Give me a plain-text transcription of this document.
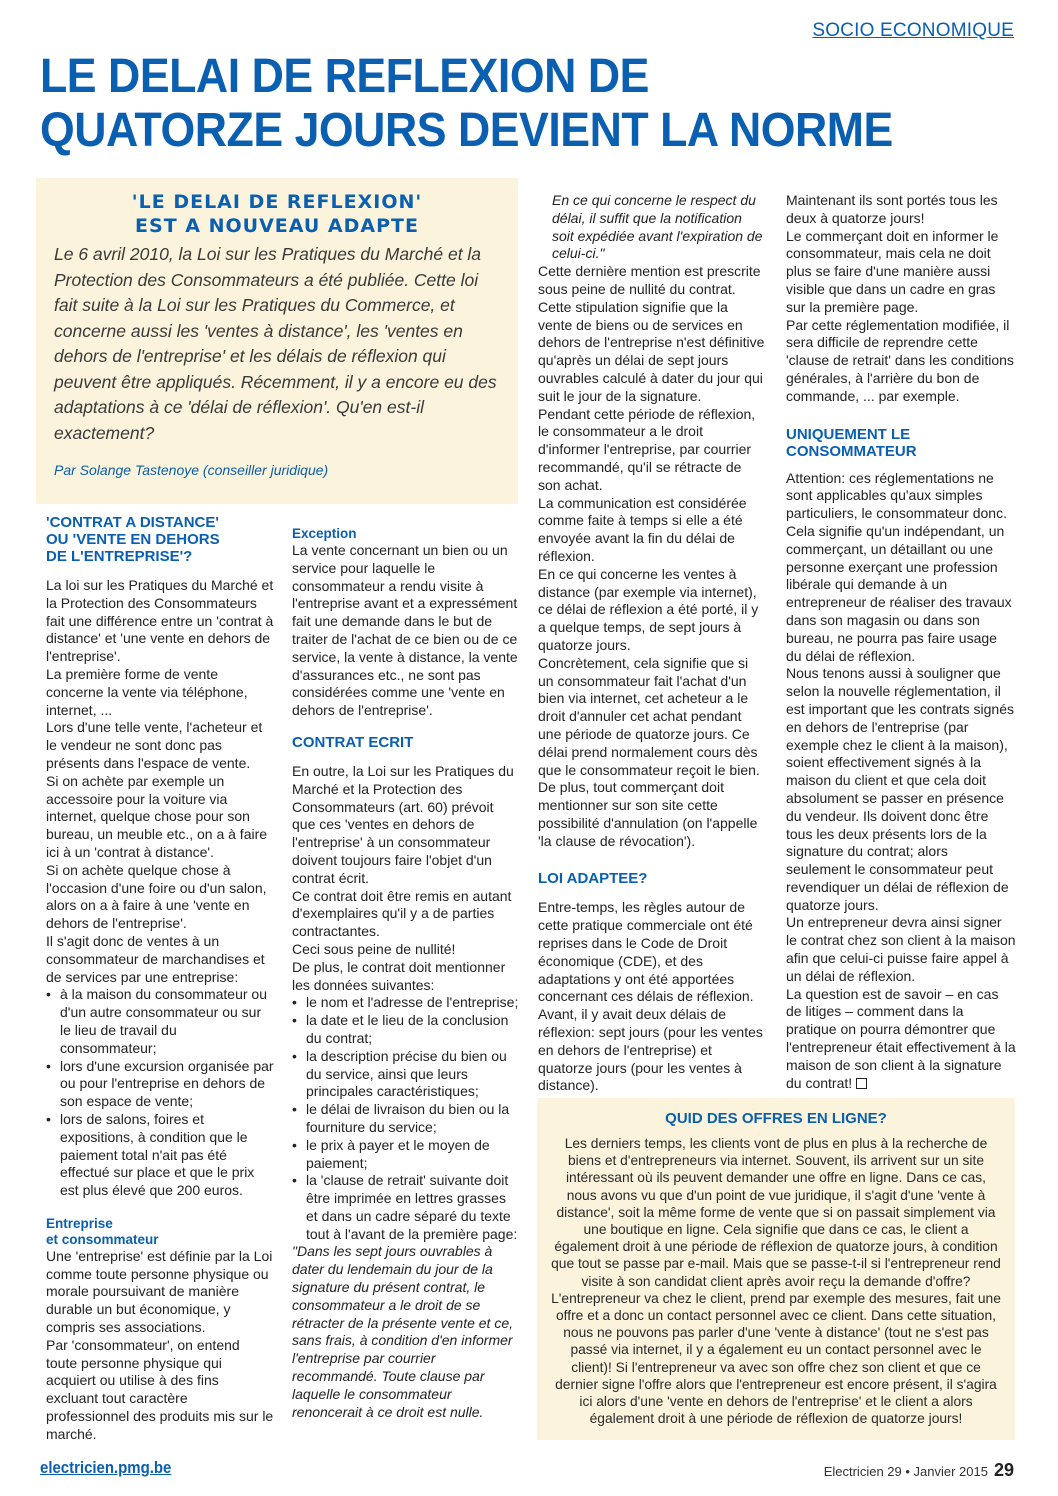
SOCIO ECONOMIQUE
LE DELAI DE REFLEXION DE
QUATORZE JOURS DEVIENT LA NORME
'LE DELAI DE REFLEXION'
EST A NOUVEAU ADAPTE
Le 6 avril 2010, la Loi sur les Pratiques du Marché et la Protection des Consommateurs a été publiée. Cette loi fait suite à la Loi sur les Pratiques du Commerce, et concerne aussi les 'ventes à distance', les 'ventes en dehors de l'entreprise' et les délais de réflexion qui peuvent être appliqués. Récemment, il y a encore eu des adaptations à ce 'délai de réflexion'. Qu'en est-il exactement?
Par Solange Tastenoye (conseiller juridique)
'CONTRAT A DISTANCE'
OU 'VENTE EN DEHORS
DE L'ENTREPRISE'?

La loi sur les Pratiques du Marché et la Protection des Consommateurs fait une différence entre un 'contrat à distance' et 'une vente en dehors de l'entreprise'.

La première forme de vente concerne la vente via téléphone, internet, ...

Lors d'une telle vente, l'acheteur et le vendeur ne sont donc pas présents dans l'espace de vente.

Si on achète par exemple un accessoire pour la voiture via internet, quelque chose pour son bureau, un meuble etc., on a à faire ici à un 'contrat à distance'.

Si on achète quelque chose à l'occasion d'une foire ou d'un salon, alors on a à faire à une 'vente en dehors de l'entreprise'.

Il s'agit donc de ventes à un consommateur de marchandises et de services par une entreprise:

• à la maison du consommateur ou d'un autre consommateur ou sur le lieu de travail du consommateur;
• lors d'une excursion organisée par ou pour l'entreprise en dehors de son espace de vente;
• lors de salons, foires et expositions, à condition que le paiement total n'ait pas été effectué sur place et que le prix est plus élevé que 200 euros.
Entreprise
et consommateur

Une 'entreprise' est définie par la Loi comme toute personne physique ou morale poursuivant de manière durable un but économique, y compris ses associations.

Par 'consommateur', on entend toute personne physique qui acquiert ou utilise à des fins excluant tout caractère professionnel des produits mis sur le marché.

Exception

La vente concernant un bien ou un service pour laquelle le consommateur a rendu visite à l'entreprise avant et a expressément fait une demande dans le but de traiter de l'achat de ce bien ou de ce service, la vente à distance, la vente d'assurances etc., ne sont pas considérées comme une 'vente en dehors de l'entreprise'.

CONTRAT ECRIT

En outre, la Loi sur les Pratiques du Marché et la Protection des Consommateurs (art. 60) prévoit que ces 'ventes en dehors de l'entreprise' à un consommateur doivent toujours faire l'objet d'un contrat écrit.

Ce contrat doit être remis en autant d'exemplaires qu'il y a de parties contractantes.

Ceci sous peine de nullité!

De plus, le contrat doit mentionner les données suivantes:

• le nom et l'adresse de l'entreprise;
• la date et le lieu de la conclusion du contrat;
• la description précise du bien ou du service, ainsi que leurs principales caractéristiques;
• le délai de livraison du bien ou la fourniture du service;
• le prix à payer et le moyen de paiement;
• la 'clause de retrait' suivante doit être imprimée en lettres grasses et dans un cadre séparé du texte tout à l'avant de la première page:

"Dans les sept jours ouvrables à dater du lendemain du jour de la signature du présent contrat, le consommateur a le droit de se rétracter de la présente vente et ce, sans frais, à condition d'en informer l'entreprise par courrier recommandé. Toute clause par laquelle le consommateur renoncerait à ce droit est nulle.

En ce qui concerne le respect du délai, il suffit que la notification soit expédiée avant l'expiration de celui-ci."

Cette dernière mention est prescrite sous peine de nullité du contrat.

Cette stipulation signifie que la vente de biens ou de services en dehors de l'entreprise n'est définitive qu'après un délai de sept jours ouvrables calculé à dater du jour qui suit le jour de la signature.

Pendant cette période de réflexion, le consommateur a le droit d'informer l'entreprise, par courrier recommandé, qu'il se rétracte de son achat.

La communication est considérée comme faite à temps si elle a été envoyée avant la fin du délai de réflexion.

En ce qui concerne les ventes à distance (par exemple via internet), ce délai de réflexion a été porté, il y a quelque temps, de sept jours à quatorze jours.

Concrètement, cela signifie que si un consommateur fait l'achat d'un bien via internet, cet acheteur a le droit d'annuler cet achat pendant une période de quatorze jours. Ce délai prend normalement cours dès que le consommateur reçoit le bien.

De plus, tout commerçant doit mentionner sur son site cette possibilité d'annulation (on l'appelle 'la clause de révocation').

LOI ADAPTEE?

Entre-temps, les règles autour de cette pratique commerciale ont été reprises dans le Code de Droit économique (CDE), et des adaptations y ont été apportées concernant ces délais de réflexion.

Avant, il y avait deux délais de réflexion: sept jours (pour les ventes en dehors de l'entreprise) et quatorze jours (pour les ventes à distance).

Maintenant ils sont portés tous les deux à quatorze jours!

Le commerçant doit en informer le consommateur, mais cela ne doit plus se faire d'une manière aussi visible que dans un cadre en gras sur la première page.

Par cette réglementation modifiée, il sera difficile de reprendre cette 'clause de retrait' dans les conditions générales, à l'arrière du bon de commande, ... par exemple.

UNIQUEMENT LE
CONSOMMATEUR

Attention: ces réglementations ne sont applicables qu'aux simples particuliers, le consommateur donc.

Cela signifie qu'un indépendant, un commerçant, un détaillant ou une personne exerçant une profession libérale qui demande à un entrepreneur de réaliser des travaux dans son magasin ou dans son bureau, ne pourra pas faire usage du délai de réflexion.

Nous tenons aussi à souligner que selon la nouvelle réglementation, il est important que les contrats signés en dehors de l'entreprise (par exemple chez le client à la maison), soient effectivement signés à la maison du client et que cela doit absolument se passer en présence du vendeur. Ils doivent donc être tous les deux présents lors de la signature du contrat; alors seulement le consommateur peut revendiquer un délai de réflexion de quatorze jours.

Un entrepreneur devra ainsi signer le contrat chez son client à la maison afin que celui-ci puisse faire appel à un délai de réflexion.

La question est de savoir – en cas de litiges – comment dans la pratique on pourra démontrer que l'entrepreneur était effectivement à la maison de son client à la signature du contrat!

QUID DES OFFRES EN LIGNE?
Les derniers temps, les clients vont de plus en plus à la recherche de biens et d'entrepreneurs via internet. Souvent, ils arrivent sur un site intéressant où ils peuvent demander une offre en ligne. Dans ce cas, nous avons vu que d'un point de vue juridique, il s'agit d'une 'vente à distance', soit la même forme de vente que si on passait simplement via une boutique en ligne. Cela signifie que dans ce cas, le client a également droit à une période de réflexion de quatorze jours, à condition que tout se passe par e-mail. Mais que se passe-t-il si l'entrepreneur rend visite à son candidat client après avoir reçu la demande d'offre? L'entrepreneur va chez le client, prend par exemple des mesures, fait une offre et a donc un contact personnel avec ce client. Dans cette situation, nous ne pouvons pas parler d'une 'vente à distance' (tout ne s'est pas passé via internet, il y a également eu un contact personnel avec le client)! Si l'entrepreneur va avec son offre chez son client et que ce dernier signe l'offre alors que l'entrepreneur est encore présent, il s'agira ici alors d'une 'vente en dehors de l'entreprise' et le client a alors également droit à une période de réflexion de quatorze jours!
electricien.pmg.be	Electricien 29 • Janvier 2015 29
